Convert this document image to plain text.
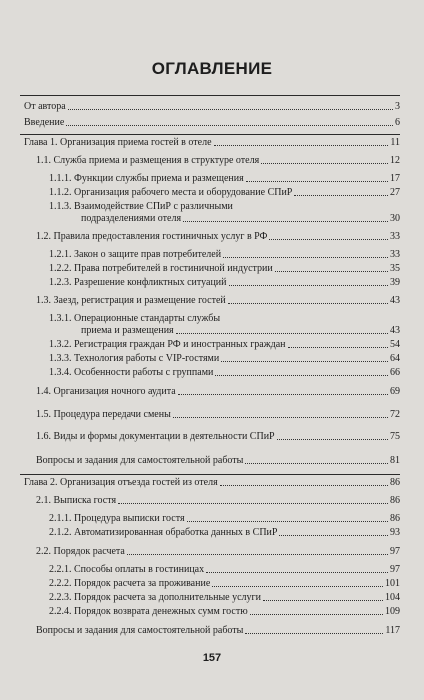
ОГЛАВЛЕНИЕ
От автора	3
Введение	6
Глава 1. Организация приема гостей в отеле	11
1.1. Служба приема и размещения в структуре отеля	12
1.1.1. Функции службы приема и размещения	17
1.1.2. Организация рабочего места и оборудование СПиР	27
1.1.3. Взаимодействие СПиР с различными
подразделениями отеля	30
1.2. Правила предоставления гостиничных услуг в РФ	33
1.2.1. Закон о защите прав потребителей	33
1.2.2. Права потребителей в гостиничной индустрии	35
1.2.3. Разрешение конфликтных ситуаций	39
1.3. Заезд, регистрация и размещение гостей	43
1.3.1. Операционные стандарты службы
приема и размещения	43
1.3.2. Регистрация граждан РФ и иностранных граждан	54
1.3.3. Технология работы с VIP-гостями	64
1.3.4. Особенности работы с группами	66
1.4. Организация ночного аудита	69
1.5. Процедура передачи смены	72
1.6. Виды и формы документации в деятельности СПиР	75
Вопросы и задания для самостоятельной работы	81
Глава 2. Организация отъезда гостей из отеля	86
2.1. Выписка гостя	86
2.1.1. Процедура выписки гостя	86
2.1.2. Автоматизированная обработка данных в СПиР	93
2.2. Порядок расчета	97
2.2.1. Способы оплаты в гостиницах	97
2.2.2. Порядок расчета за проживание	101
2.2.3. Порядок расчета за дополнительные услуги	104
2.2.4. Порядок возврата денежных сумм гостю	109
Вопросы и задания для самостоятельной работы	117
157
